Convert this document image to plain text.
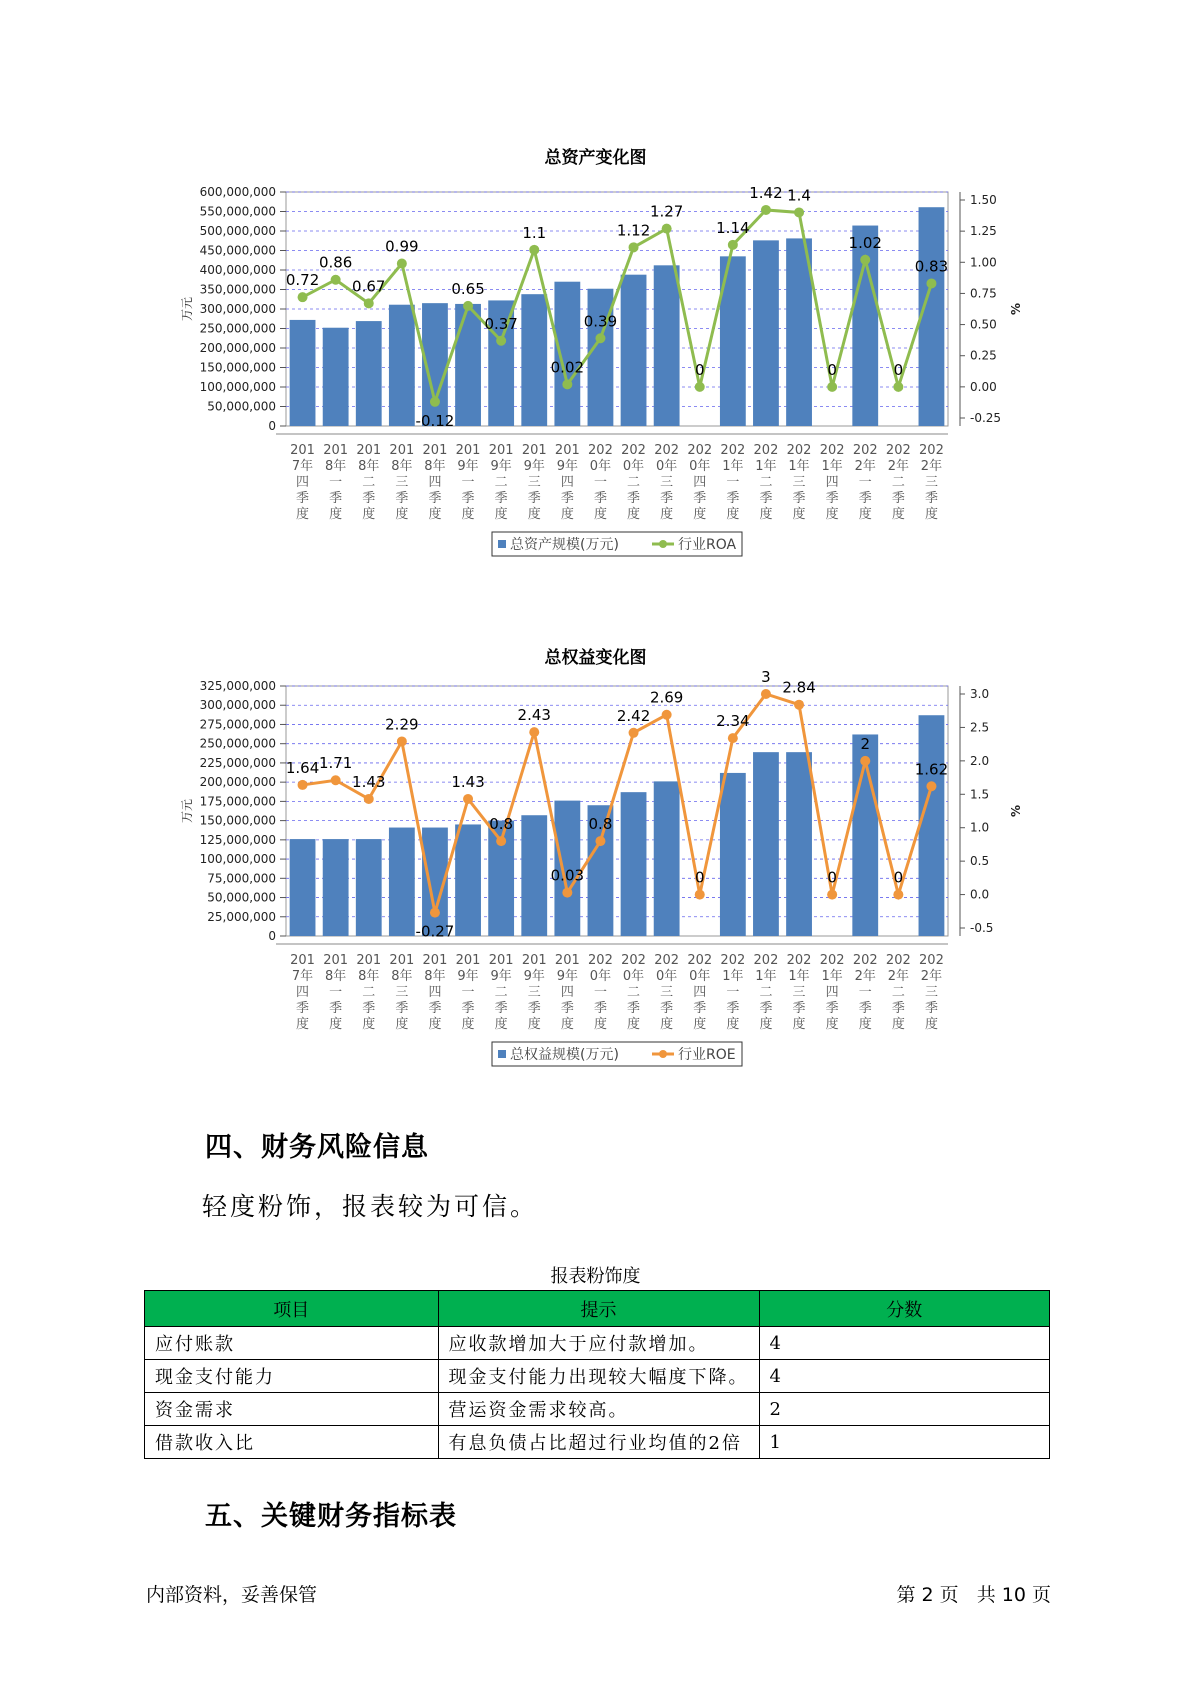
总资产变化图
0
50,000,000
100,000,000
150,000,000
200,000,000
250,000,000
300,000,000
350,000,000
400,000,000
450,000,000
500,000,000
550,000,000
600,000,000
万元
-0.25
0.00
0.25
0.50
0.75
1.00
1.25
1.50
%
0.72
0.86
0.67
0.99
-0.12
0.65
0.37
1.1
0.02
0.39
1.12
1.27
0
1.14
1.42 1.4
0
1.02
0
0.83
201
7年
四
季
度
201
8年
一
季
度
201
8年
二
季
度
201
8年
三
季
度
201
8年
四
季
度
201
9年
一
季
度
201
9年
二
季
度
201
9年
三
季
度
201
9年
四
季
度
202
0年
一
季
度
202
0年
二
季
度
202
0年
三
季
度
202
0年
四
季
度
202
1年
一
季
度
202
1年
二
季
度
202
1年
三
季
度
202
1年
四
季
度
202
2年
一
季
度
202
2年
二
季
度
202
2年
三
季
度
总资产规模(万元)	行业ROA
总权益变化图
0
25,000,000
50,000,000
75,000,000
100,000,000
125,000,000
150,000,000
175,000,000
200,000,000
225,000,000
250,000,000
275,000,000
300,000,000
325,000,000
万元
-0.5
0.0
0.5
1.0
1.5
2.0
2.5
3.0
%
1.64 1.71
1.43
2.29
-0.27
1.43
0.8
2.43
0.03
0.8
2.42
2.69
0
2.34
3
2.84
0
2
0
1.62
201
7年
四
季
度
201
8年
一
季
度
201
8年
二
季
度
201
8年
三
季
度
201
8年
四
季
度
201
9年
一
季
度
201
9年
二
季
度
201
9年
三
季
度
201
9年
四
季
度
202
0年
一
季
度
202
0年
二
季
度
202
0年
三
季
度
202
0年
四
季
度
202
1年
一
季
度
202
1年
二
季
度
202
1年
三
季
度
202
1年
四
季
度
202
2年
一
季
度
202
2年
二
季
度
202
2年
三
季
度
总权益规模(万元)	行业ROE
四、财务风险信息
轻度粉饰，报表较为可信。
报表粉饰度
项目	提示	分数
应付账款	应收款增加大于应付款增加。	4
现金支付能力	现金支付能力出现较大幅度下降。	4
资金需求	营运资金需求较高。	2
借款收入比	有息负债占比超过行业均值的2倍	1
五、关键财务指标表
内部资料，妥善保管	第 2 页   共 10 页
